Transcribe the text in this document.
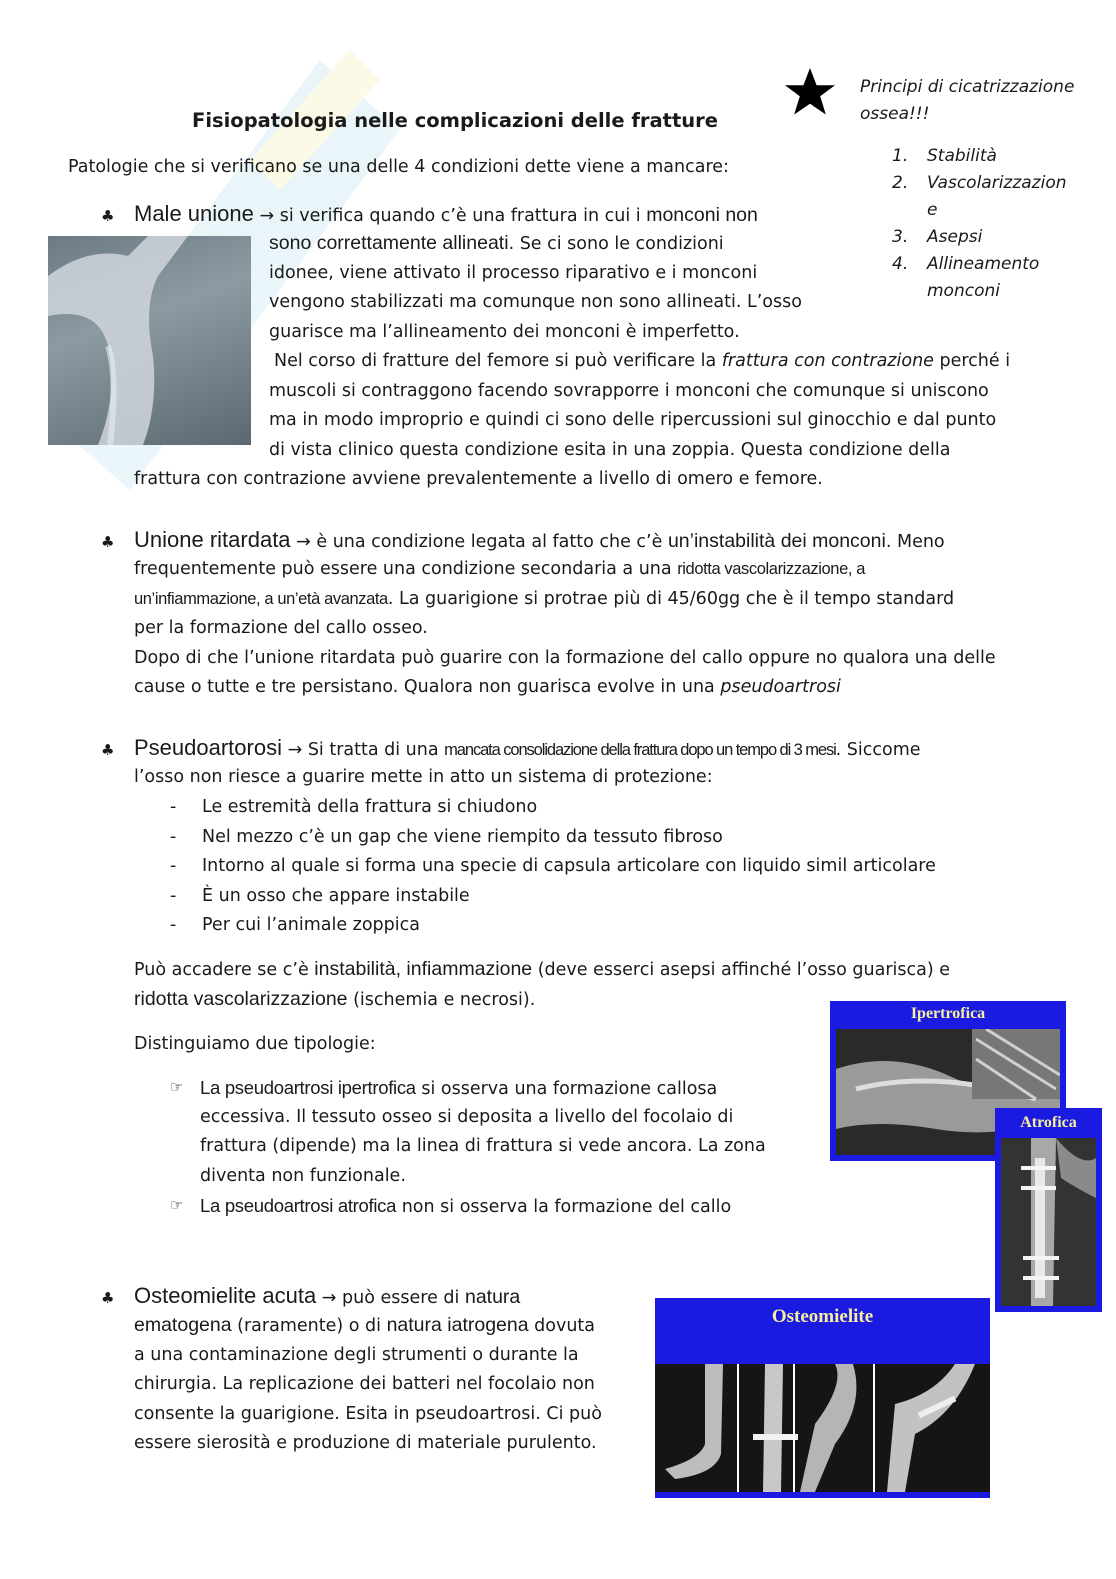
Fisiopatologia nelle complicazioni delle fratture
Patologie che si verificano se una delle 4 condizioni dette viene a mancare:
Principi di cicatrizzazione
ossea!!!
1. Stabilità
2. Vascolarizzazion
e
3. Asepsi
4. Allineamento
monconi
♣ Male unione → si verifica quando c’è una frattura in cui i monconi non
sono correttamente allineati. Se ci sono le condizioni
idonee, viene attivato il processo riparativo e i monconi
vengono stabilizzati ma comunque non sono allineati. L’osso
guarisce ma l’allineamento dei monconi è imperfetto.
Nel corso di fratture del femore si può verificare la frattura con contrazione perché i
muscoli si contraggono facendo sovrapporre i monconi che comunque si uniscono
ma in modo improprio e quindi ci sono delle ripercussioni sul ginocchio e dal punto
di vista clinico questa condizione esita in una zoppia. Questa condizione della
frattura con contrazione avviene prevalentemente a livello di omero e femore.
♣ Unione ritardata → è una condizione legata al fatto che c’è un’instabilità dei monconi. Meno
frequentemente può essere una condizione secondaria a una ridotta vascolarizzazione, a
un’infiammazione, a un’età avanzata. La guarigione si protrae più di 45/60gg che è il tempo standard
per la formazione del callo osseo.
Dopo di che l’unione ritardata può guarire con la formazione del callo oppure no qualora una delle
cause o tutte e tre persistano. Qualora non guarisca evolve in una pseudoartrosi
♣ Pseudoartorosi → Si tratta di una mancata consolidazione della frattura dopo un tempo di 3 mesi. Siccome
l’osso non riesce a guarire mette in atto un sistema di protezione:
- Le estremità della frattura si chiudono
- Nel mezzo c’è un gap che viene riempito da tessuto fibroso
- Intorno al quale si forma una specie di capsula articolare con liquido simil articolare
- È un osso che appare instabile
- Per cui l’animale zoppica
Può accadere se c’è instabilità, infiammazione (deve esserci asepsi affinché l’osso guarisca) e
ridotta vascolarizzazione (ischemia e necrosi).
Distinguiamo due tipologie:
☞ La pseudoartrosi ipertrofica si osserva una formazione callosa
eccessiva. Il tessuto osseo si deposita a livello del focolaio di
frattura (dipende) ma la linea di frattura si vede ancora. La zona
diventa non funzionale.
☞ La pseudoartrosi atrofica non si osserva la formazione del callo
Ipertrofica
Atrofica
♣ Osteomielite acuta → può essere di natura
ematogena (raramente) o di natura iatrogena dovuta
a una contaminazione degli strumenti o durante la
chirurgia. La replicazione dei batteri nel focolaio non
consente la guarigione. Esita in pseudoartrosi. Ci può
essere sierosità e produzione di materiale purulento.
Osteomielite
